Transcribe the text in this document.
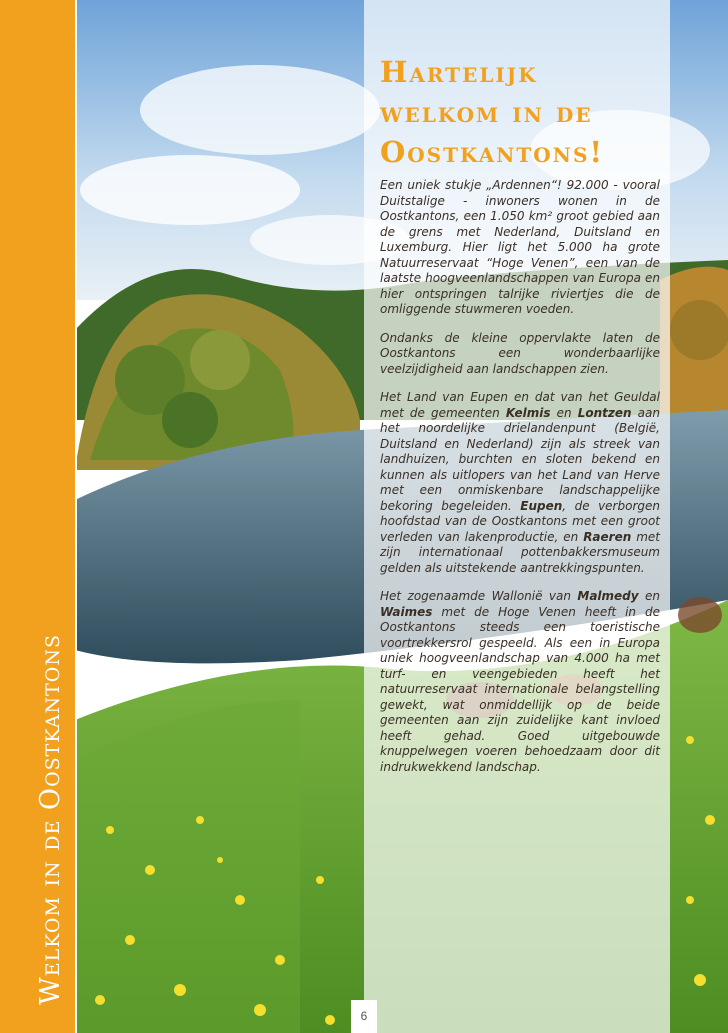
Welkom in de Oostkantons
Hartelijk
welkom in de
Oostkantons!

Een uniek stukje „Ardennen“! 92.000 - vooral Duitstalige - inwoners wonen in de Oostkantons, een 1.050 km² groot gebied aan de grens met Nederland, Duitsland en Luxemburg. Hier ligt het 5.000 ha grote Natuurreservaat “Hoge Venen”, een van de laatste hoogveenlandschappen van Europa en hier ontspringen talrijke riviertjes die de omliggende stuwmeren voeden.

Ondanks de kleine oppervlakte laten de Oostkantons een wonderbaarlijke veelzijdigheid aan landschappen zien.

Het Land van Eupen en dat van het Geuldal met de gemeenten Kelmis en Lontzen aan het noordelijke drielandenpunt (België, Duitsland en Nederland) zijn als streek van landhuizen, burchten en sloten bekend en kunnen als uitlopers van het Land van Herve met een onmiskenbare landschappelijke bekoring begeleiden. Eupen, de verborgen hoofdstad van de Oostkantons met een groot verleden van lakenproductie, en Raeren met zijn internationaal pottenbakkersmuseum gelden als uitstekende aantrekkingspunten.

Het zogenaamde Wallonië van Malmedy en Waimes met de Hoge Venen heeft in de Oostkantons steeds een toeristische voortrekkersrol gespeeld. Als een in Europa uniek hoogveenlandschap van 4.000 ha met turf- en veengebieden heeft het natuurreservaat internationale belangstelling gewekt, wat onmiddellijk op de beide gemeenten aan zijn zuidelijke kant invloed heeft gehad. Goed uitgebouwde knuppelwegen voeren behoedzaam door dit indrukwekkend landschap.

6
